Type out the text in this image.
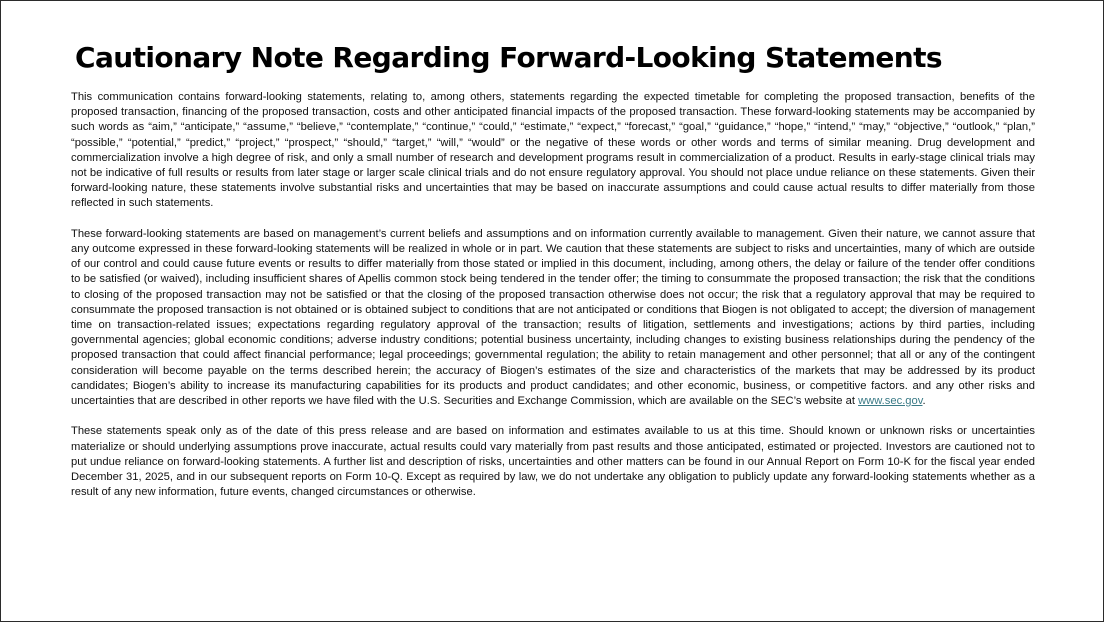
Cautionary Note Regarding Forward-Looking Statements

This communication contains forward-looking statements, relating to, among others, statements regarding the expected timetable for completing the proposed transaction, benefits of the proposed transaction, financing of the proposed transaction, costs and other anticipated financial impacts of the proposed transaction. These forward-looking statements may be accompanied by such words as “aim,” “anticipate,” “assume,” “believe,” “contemplate,” “continue,” “could,” “estimate,” “expect,” “forecast,” “goal,” “guidance,” “hope,” “intend,” “may,” “objective,” “outlook,” “plan,” “possible,” “potential,” “predict,” “project,” “prospect,” “should,” “target,” “will,” “would” or the negative of these words or other words and terms of similar meaning. Drug development and commercialization involve a high degree of risk, and only a small number of research and development programs result in commercialization of a product. Results in early-stage clinical trials may not be indicative of full results or results from later stage or larger scale clinical trials and do not ensure regulatory approval. You should not place undue reliance on these statements. Given their forward-looking nature, these statements involve substantial risks and uncertainties that may be based on inaccurate assumptions and could cause actual results to differ materially from those reflected in such statements.

These forward-looking statements are based on management’s current beliefs and assumptions and on information currently available to management. Given their nature, we cannot assure that any outcome expressed in these forward-looking statements will be realized in whole or in part. We caution that these statements are subject to risks and uncertainties, many of which are outside of our control and could cause future events or results to differ materially from those stated or implied in this document, including, among others, the delay or failure of the tender offer conditions to be satisfied (or waived), including insufficient shares of Apellis common stock being tendered in the tender offer; the timing to consummate the proposed transaction; the risk that the conditions to closing of the proposed transaction may not be satisfied or that the closing of the proposed transaction otherwise does not occur; the risk that a regulatory approval that may be required to consummate the proposed transaction is not obtained or is obtained subject to conditions that are not anticipated or conditions that Biogen is not obligated to accept; the diversion of management time on transaction-related issues; expectations regarding regulatory approval of the transaction; results of litigation, settlements and investigations; actions by third parties, including governmental agencies; global economic conditions; adverse industry conditions; potential business uncertainty, including changes to existing business relationships during the pendency of the proposed transaction that could affect financial performance; legal proceedings; governmental regulation; the ability to retain management and other personnel; that all or any of the contingent consideration will become payable on the terms described herein; the accuracy of Biogen’s estimates of the size and characteristics of the markets that may be addressed by its product candidates; Biogen’s ability to increase its manufacturing capabilities for its products and product candidates; and other economic, business, or competitive factors. and any other risks and uncertainties that are described in other reports we have filed with the U.S. Securities and Exchange Commission, which are available on the SEC’s website at www.sec.gov.

These statements speak only as of the date of this press release and are based on information and estimates available to us at this time. Should known or unknown risks or uncertainties materialize or should underlying assumptions prove inaccurate, actual results could vary materially from past results and those anticipated, estimated or projected. Investors are cautioned not to put undue reliance on forward-looking statements. A further list and description of risks, uncertainties and other matters can be found in our Annual Report on Form 10-K for the fiscal year ended December 31, 2025, and in our subsequent reports on Form 10-Q. Except as required by law, we do not undertake any obligation to publicly update any forward-looking statements whether as a result of any new information, future events, changed circumstances or otherwise.
